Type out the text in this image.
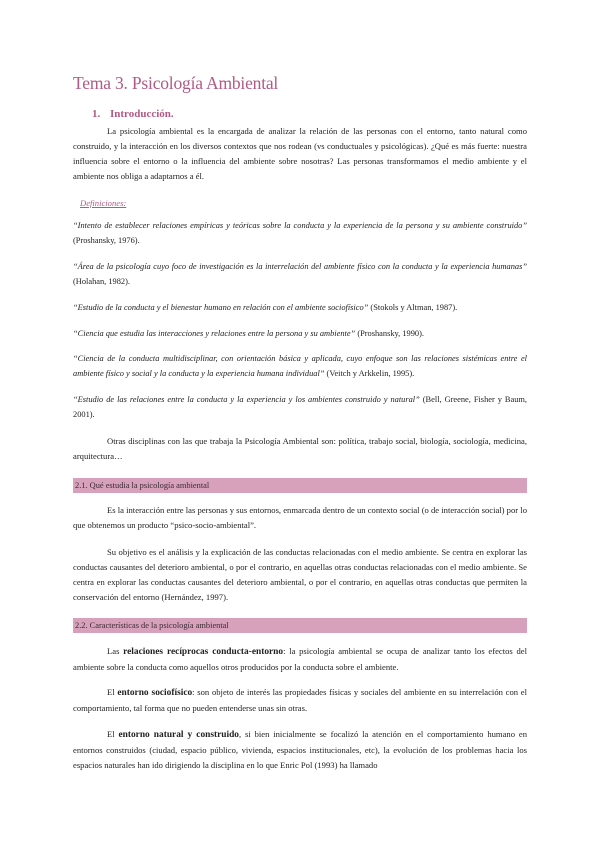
Tema 3. Psicología Ambiental
1. Introducción.
La psicología ambiental es la encargada de analizar la relación de las personas con el entorno, tanto natural como construido, y la interacción en los diversos contextos que nos rodean (vs conductuales y psicológicas). ¿Qué es más fuerte: nuestra influencia sobre el entorno o la influencia del ambiente sobre nosotras? Las personas transformamos el medio ambiente y el ambiente nos obliga a adaptarnos a él.
Definiciones:
“Intento de establecer relaciones empíricas y teóricas sobre la conducta y la experiencia de la persona y su ambiente construido” (Proshansky, 1976).
“Área de la psicología cuyo foco de investigación es la interrelación del ambiente físico con la conducta y la experiencia humanas” (Holahan, 1982).
“Estudio de la conducta y el bienestar humano en relación con el ambiente sociofísico” (Stokols y Altman, 1987).
“Ciencia que estudia las interacciones y relaciones entre la persona y su ambiente” (Proshansky, 1990).
“Ciencia de la conducta multidisciplinar, con orientación básica y aplicada, cuyo enfoque son las relaciones sistémicas entre el ambiente físico y social y la conducta y la experiencia humana individual” (Veitch y Arkkelin, 1995).
“Estudio de las relaciones entre la conducta y la experiencia y los ambientes construido y natural” (Bell, Greene, Fisher y Baum, 2001).
Otras disciplinas con las que trabaja la Psicología Ambiental son: política, trabajo social, biología, sociología, medicina, arquitectura…
2.1. Qué estudia la psicología ambiental
Es la interacción entre las personas y sus entornos, enmarcada dentro de un contexto social (o de interacción social) por lo que obtenemos un producto “psico-socio-ambiental”.
Su objetivo es el análisis y la explicación de las conductas relacionadas con el medio ambiente. Se centra en explorar las conductas causantes del deterioro ambiental, o por el contrario, en aquellas otras conductas relacionadas con el medio ambiente. Se centra en explorar las conductas causantes del deterioro ambiental, o por el contrario, en aquellas otras conductas que permiten la conservación del entorno (Hernández, 1997).
2.2. Características de la psicología ambiental
Las relaciones recíprocas conducta-entorno: la psicología ambiental se ocupa de analizar tanto los efectos del ambiente sobre la conducta como aquellos otros producidos por la conducta sobre el ambiente.
El entorno sociofísico: son objeto de interés las propiedades físicas y sociales del ambiente en su interrelación con el comportamiento, tal forma que no pueden entenderse unas sin otras.
El entorno natural y construido, si bien inicialmente se focalizó la atención en el comportamiento humano en entornos construidos (ciudad, espacio público, vivienda, espacios institucionales, etc), la evolución de los problemas hacia los espacios naturales han ido dirigiendo la disciplina en lo que Enric Pol (1993) ha llamado
